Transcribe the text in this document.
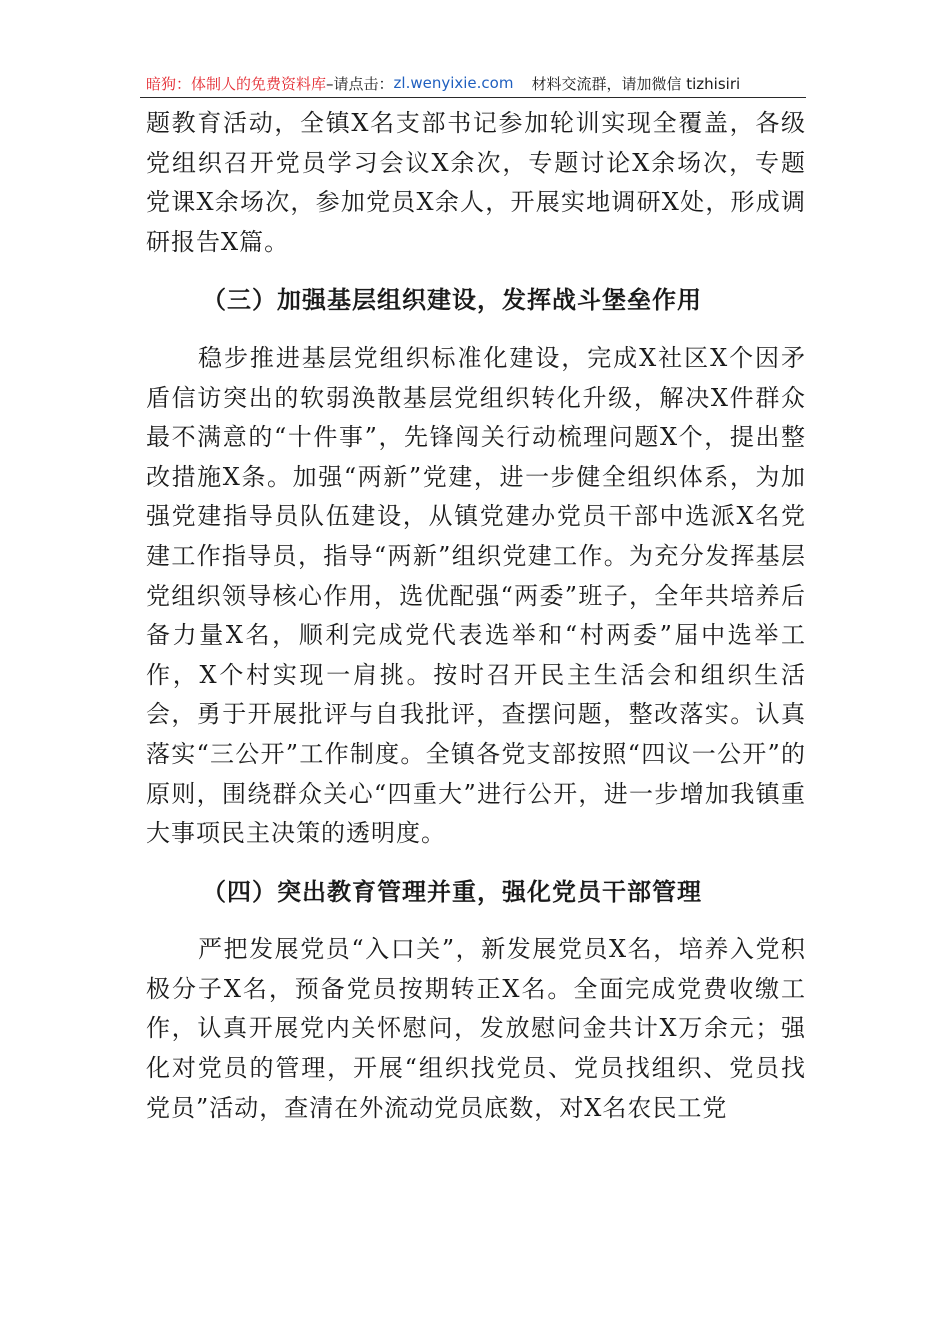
暗狗：体制人的免费资料库 –请点击： zl.wenyixie.com 材料交流群，请加微信 tizhisiri

题教育活动，全镇X名支部书记参加轮训实现全覆盖，各级党组织召开党员学习会议X余次，专题讨论X余场次，专题党课X余场次，参加党员X余人，开展实地调研X处，形成调研报告X篇。

（三）加强基层组织建设，发挥战斗堡垒作用

稳步推进基层党组织标准化建设，完成X社区X个因矛盾信访突出的软弱涣散基层党组织转化升级，解决X件群众最不满意的“十件事”，先锋闯关行动梳理问题X个，提出整改措施X条。加强“两新”党建，进一步健全组织体系，为加强党建指导员队伍建设，从镇党建办党员干部中选派X名党建工作指导员，指导“两新”组织党建工作。为充分发挥基层党组织领导核心作用，选优配强“两委”班子，全年共培养后备力量X名，顺利完成党代表选举和“村两委”届中选举工作，X个村实现一肩挑。按时召开民主生活会和组织生活会，勇于开展批评与自我批评，查摆问题，整改落实。认真落实“三公开”工作制度。全镇各党支部按照“四议一公开”的原则，围绕群众关心“四重大”进行公开，进一步增加我镇重大事项民主决策的透明度。

（四）突出教育管理并重，强化党员干部管理

严把发展党员“入口关”，新发展党员X名，培养入党积极分子X名，预备党员按期转正X名。全面完成党费收缴工作，认真开展党内关怀慰问，发放慰问金共计X万余元；强化对党员的管理，开展“组织找党员、党员找组织、党员找党员”活动，查清在外流动党员底数，对X名农民工党
